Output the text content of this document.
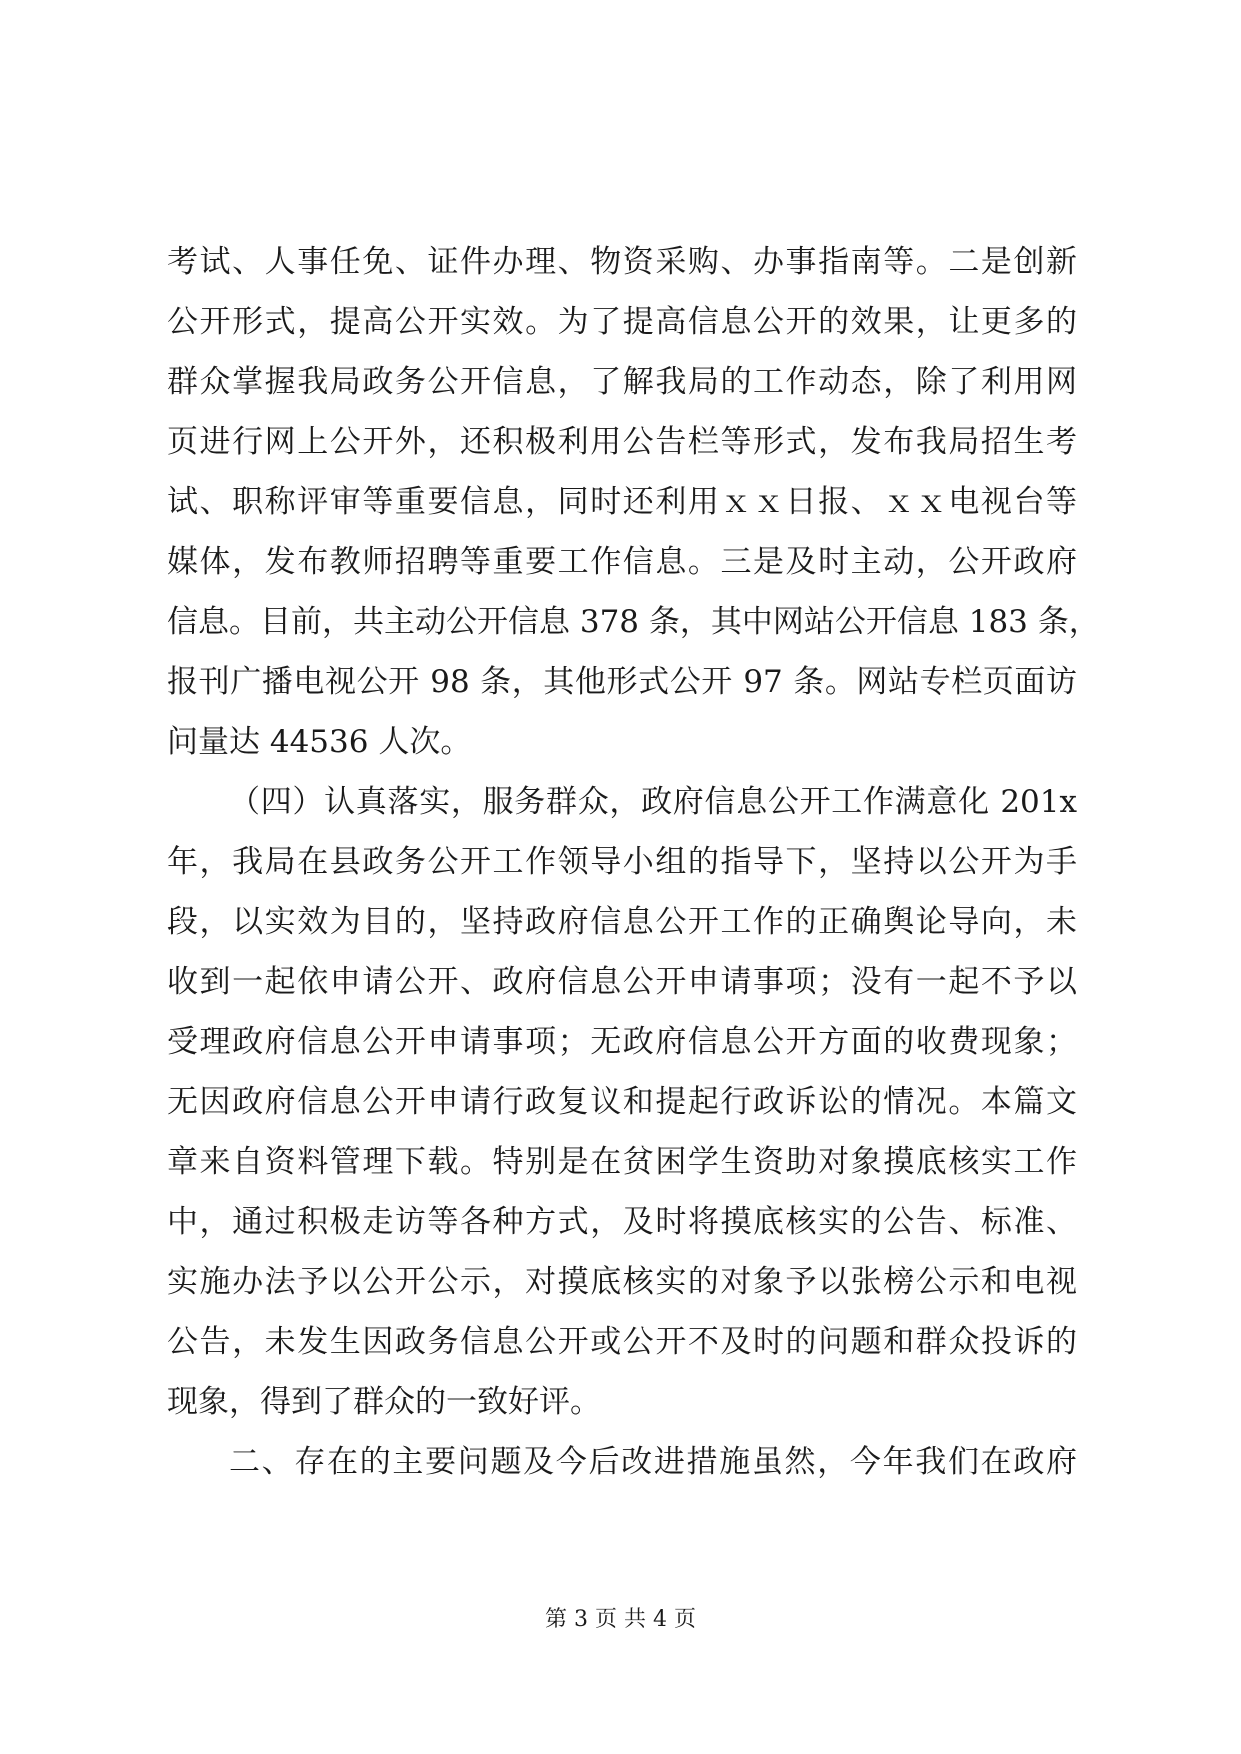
考试、人事任免、证件办理、物资采购、办事指南等。二是创新
公开形式，提高公开实效。为了提高信息公开的效果，让更多的
群众掌握我局政务公开信息，了解我局的工作动态，除了利用网
页进行网上公开外，还积极利用公告栏等形式，发布我局招生考
试、职称评审等重要信息，同时还利用ｘｘ日报、ｘｘ电视台等
媒体，发布教师招聘等重要工作信息。三是及时主动，公开政府
信息。目前，共主动公开信息 378 条，其中网站公开信息 183 条，
报刊广播电视公开 98 条，其他形式公开 97 条。网站专栏页面访
问量达 44536 人次。
（四）认真落实，服务群众，政府信息公开工作满意化 201x
年，我局在县政务公开工作领导小组的指导下，坚持以公开为手
段，以实效为目的，坚持政府信息公开工作的正确舆论导向，未
收到一起依申请公开、政府信息公开申请事项；没有一起不予以
受理政府信息公开申请事项；无政府信息公开方面的收费现象；
无因政府信息公开申请行政复议和提起行政诉讼的情况。本篇文
章来自资料管理下载。特别是在贫困学生资助对象摸底核实工作
中，通过积极走访等各种方式，及时将摸底核实的公告、标准、
实施办法予以公开公示，对摸底核实的对象予以张榜公示和电视
公告，未发生因政务信息公开或公开不及时的问题和群众投诉的
现象，得到了群众的一致好评。
二、存在的主要问题及今后改进措施虽然，今年我们在政府
第 3 页 共 4 页
